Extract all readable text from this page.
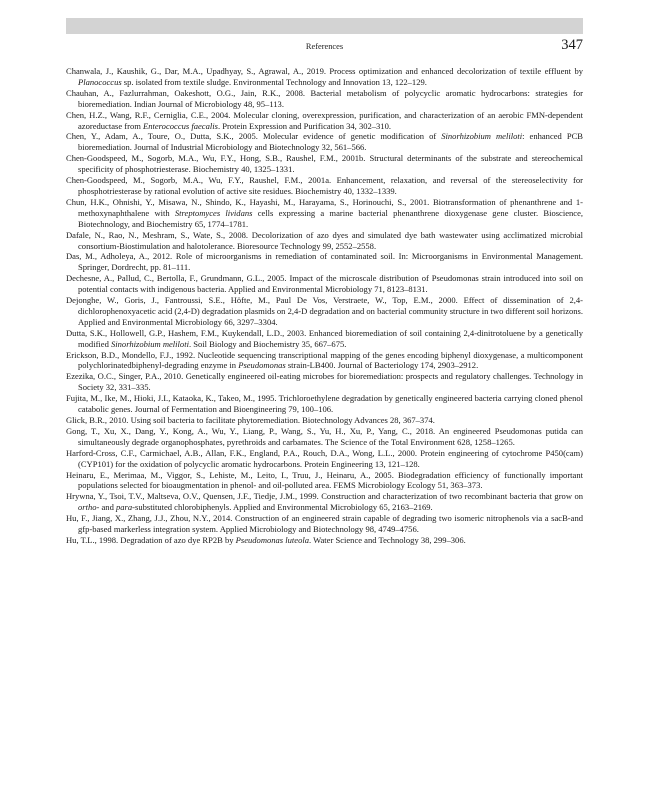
References	347
Chanwala, J., Kaushik, G., Dar, M.A., Upadhyay, S., Agrawal, A., 2019. Process optimization and enhanced decolorization of textile effluent by Planococcus sp. isolated from textile sludge. Environmental Technology and Innovation 13, 122–129.
Chauhan, A., Fazlurrahman, Oakeshott, O.G., Jain, R.K., 2008. Bacterial metabolism of polycyclic aromatic hydrocarbons: strategies for bioremediation. Indian Journal of Microbiology 48, 95–113.
Chen, H.Z., Wang, R.F., Cerniglia, C.E., 2004. Molecular cloning, overexpression, purification, and characterization of an aerobic FMN-dependent azoreductase from Enterococcus faecalis. Protein Expression and Purification 34, 302–310.
Chen, Y., Adam, A., Toure, O., Dutta, S.K., 2005. Molecular evidence of genetic modification of Sinorhizobium meliloti: enhanced PCB bioremediation. Journal of Industrial Microbiology and Biotechnology 32, 561–566.
Chen-Goodspeed, M., Sogorb, M.A., Wu, F.Y., Hong, S.B., Raushel, F.M., 2001b. Structural determinants of the substrate and stereochemical specificity of phosphotriesterase. Biochemistry 40, 1325–1331.
Chen-Goodspeed, M., Sogorb, M.A., Wu, F.Y., Raushel, F.M., 2001a. Enhancement, relaxation, and reversal of the stereoselectivity for phosphotriesterase by rational evolution of active site residues. Biochemistry 40, 1332–1339.
Chun, H.K., Ohnishi, Y., Misawa, N., Shindo, K., Hayashi, M., Harayama, S., Horinouchi, S., 2001. Biotransformation of phenanthrene and 1-methoxynaphthalene with Streptomyces lividans cells expressing a marine bacterial phenanthrene dioxygenase gene cluster. Bioscience, Biotechnology, and Biochemistry 65, 1774–1781.
Dafale, N., Rao, N., Meshram, S., Wate, S., 2008. Decolorization of azo dyes and simulated dye bath wastewater using acclimatized microbial consortium-Biostimulation and halotolerance. Bioresource Technology 99, 2552–2558.
Das, M., Adholeya, A., 2012. Role of microorganisms in remediation of contaminated soil. In: Microorganisms in Environmental Management. Springer, Dordrecht, pp. 81–111.
Dechesne, A., Pallud, C., Bertolla, F., Grundmann, G.L., 2005. Impact of the microscale distribution of Pseudomonas strain introduced into soil on potential contacts with indigenous bacteria. Applied and Environmental Microbiology 71, 8123–8131.
Dejonghe, W., Goris, J., Fantroussi, S.E., Höfte, M., Paul De Vos, Verstraete, W., Top, E.M., 2000. Effect of dissemination of 2,4- dichlorophenoxyacetic acid (2,4-D) degradation plasmids on 2,4-D degradation and on bacterial community structure in two different soil horizons. Applied and Environmental Microbiology 66, 3297–3304.
Dutta, S.K., Hollowell, G.P., Hashem, F.M., Kuykendall, L.D., 2003. Enhanced bioremediation of soil containing 2,4-dinitrotoluene by a genetically modified Sinorhizobium meliloti. Soil Biology and Biochemistry 35, 667–675.
Erickson, B.D., Mondello, F.J., 1992. Nucleotide sequencing transcriptional mapping of the genes encoding biphenyl dioxygenase, a multicomponent polychlorinatedbiphenyl-degrading enzyme in Pseudomonas strain-LB400. Journal of Bacteriology 174, 2903–2912.
Ezezika, O.C., Singer, P.A., 2010. Genetically engineered oil-eating microbes for bioremediation: prospects and regulatory challenges. Technology in Society 32, 331–335.
Fujita, M., Ike, M., Hioki, J.I., Kataoka, K., Takeo, M., 1995. Trichloroethylene degradation by genetically engineered bacteria carrying cloned phenol catabolic genes. Journal of Fermentation and Bioengineering 79, 100–106.
Glick, B.R., 2010. Using soil bacteria to facilitate phytoremediation. Biotechnology Advances 28, 367–374.
Gong, T., Xu, X., Dang, Y., Kong, A., Wu, Y., Liang, P., Wang, S., Yu, H., Xu, P., Yang, C., 2018. An engineered Pseudomonas putida can simultaneously degrade organophosphates, pyrethroids and carbamates. The Science of the Total Environment 628, 1258–1265.
Harford-Cross, C.F., Carmichael, A.B., Allan, F.K., England, P.A., Rouch, D.A., Wong, L.L., 2000. Protein engineering of cytochrome P450(cam) (CYP101) for the oxidation of polycyclic aromatic hydrocarbons. Protein Engineering 13, 121–128.
Heinaru, E., Merimaa, M., Viggor, S., Lehiste, M., Leito, I., Truu, J., Heinaru, A., 2005. Biodegradation efficiency of functionally important populations selected for bioaugmentation in phenol- and oil-polluted area. FEMS Microbiology Ecology 51, 363–373.
Hrywna, Y., Tsoi, T.V., Maltseva, O.V., Quensen, J.F., Tiedje, J.M., 1999. Construction and characterization of two recombinant bacteria that grow on ortho- and para-substituted chlorobiphenyls. Applied and Environmental Microbiology 65, 2163–2169.
Hu, F., Jiang, X., Zhang, J.J., Zhou, N.Y., 2014. Construction of an engineered strain capable of degrading two isomeric nitrophenols via a sacB-and gfp-based markerless integration system. Applied Microbiology and Biotechnology 98, 4749–4756.
Hu, T.L., 1998. Degradation of azo dye RP2B by Pseudomonas luteola. Water Science and Technology 38, 299–306.
